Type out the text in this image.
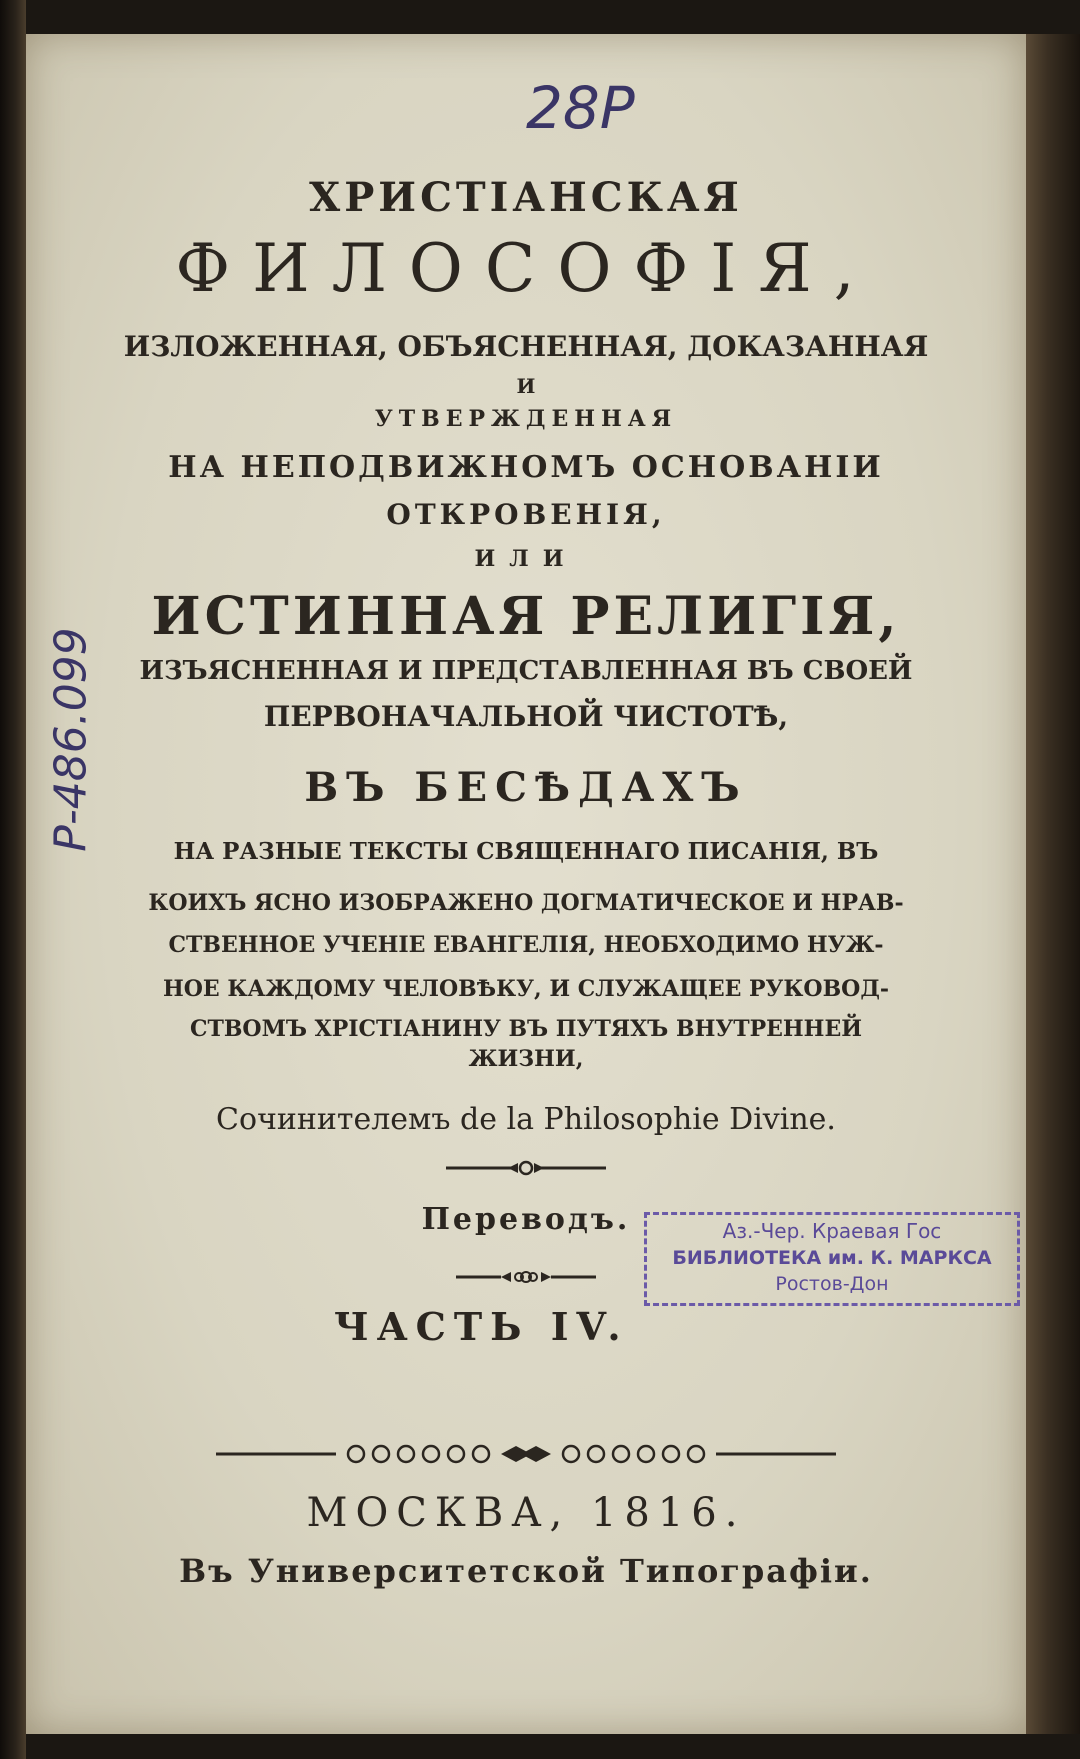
28Р
Р-486.099
ХРИСТIАНСКАЯ
ФИЛОСОФIЯ,
ИЗЛОЖЕННАЯ, ОБЪЯСНЕННАЯ, ДОКАЗАННАЯ
И
УТВЕРЖДЕННАЯ
НА НЕПОДВИЖНОМЪ ОСНОВАНIИ
ОТКРОВЕНIЯ,
ИЛИ
ИСТИННАЯ РЕЛИГIЯ,
ИЗЪЯСНЕННАЯ И ПРЕДСТАВЛЕННАЯ ВЪ СВОЕЙ
ПЕРВОНАЧАЛЬНОЙ ЧИСТОТѢ,
ВЪ БЕСѢДАХЪ
НА РАЗНЫЕ ТЕКСТЫ СВЯЩЕННАГО ПИСАНIЯ, ВЪ
КОИХЪ ЯСНО ИЗОБРАЖЕНО ДОГМАТИЧЕСКОЕ И НРАВ-
СТВЕННОЕ УЧЕНIЕ ЕВАНГЕЛIЯ, НЕОБХОДИМО НУЖ-
НОЕ КАЖДОМУ ЧЕЛОВѢКУ, И СЛУЖАЩЕЕ РУКОВОД-
СТВОМЪ ХРIСТIАНИНУ ВЪ ПУТЯХЪ ВНУТРЕННЕЙ
ЖИЗНИ,
Сочинителемъ de la Philosophie Divine.
Переводъ.
ЧАСТЬ IV.
МОСКВА, 1816.
Въ Университетской Типографiи.
Аз.-Чер. Краевая Гос
БИБЛИОТЕКА им. К. МАРКСА
Ростов-Дон
